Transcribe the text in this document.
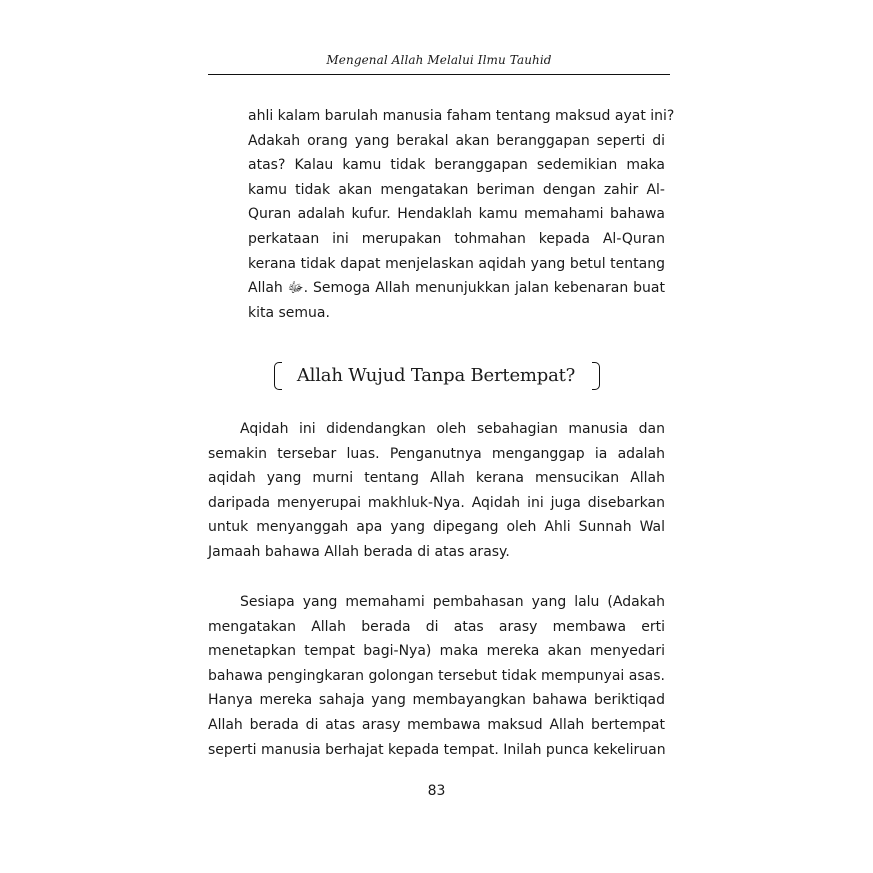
Mengenal Allah Melalui Ilmu Tauhid
ahli kalam barulah manusia faham tentang maksud ayat ini?
Adakah orang yang berakal akan beranggapan seperti di
atas? Kalau kamu tidak beranggapan sedemikian maka
kamu tidak akan mengatakan beriman dengan zahir Al-
Quran adalah kufur. Hendaklah kamu memahami bahawa
perkataan ini merupakan tohmahan kepada Al-Quran
kerana tidak dapat menjelaskan aqidah yang betul tentang
Allah ﷻ. Semoga Allah menunjukkan jalan kebenaran buat
kita semua.
Allah Wujud Tanpa Bertempat?
Aqidah ini didendangkan oleh sebahagian manusia dan
semakin tersebar luas. Penganutnya menganggap ia adalah
aqidah yang murni tentang Allah kerana mensucikan Allah
daripada menyerupai makhluk-Nya. Aqidah ini juga disebarkan
untuk menyanggah apa yang dipegang oleh Ahli Sunnah Wal
Jamaah bahawa Allah berada di atas arasy.
Sesiapa yang memahami pembahasan yang lalu (Adakah
mengatakan Allah berada di atas arasy membawa erti
menetapkan tempat bagi-Nya) maka mereka akan menyedari
bahawa pengingkaran golongan tersebut tidak mempunyai asas.
Hanya mereka sahaja yang membayangkan bahawa beriktiqad
Allah berada di atas arasy membawa maksud Allah bertempat
seperti manusia berhajat kepada tempat. Inilah punca kekeliruan
83
